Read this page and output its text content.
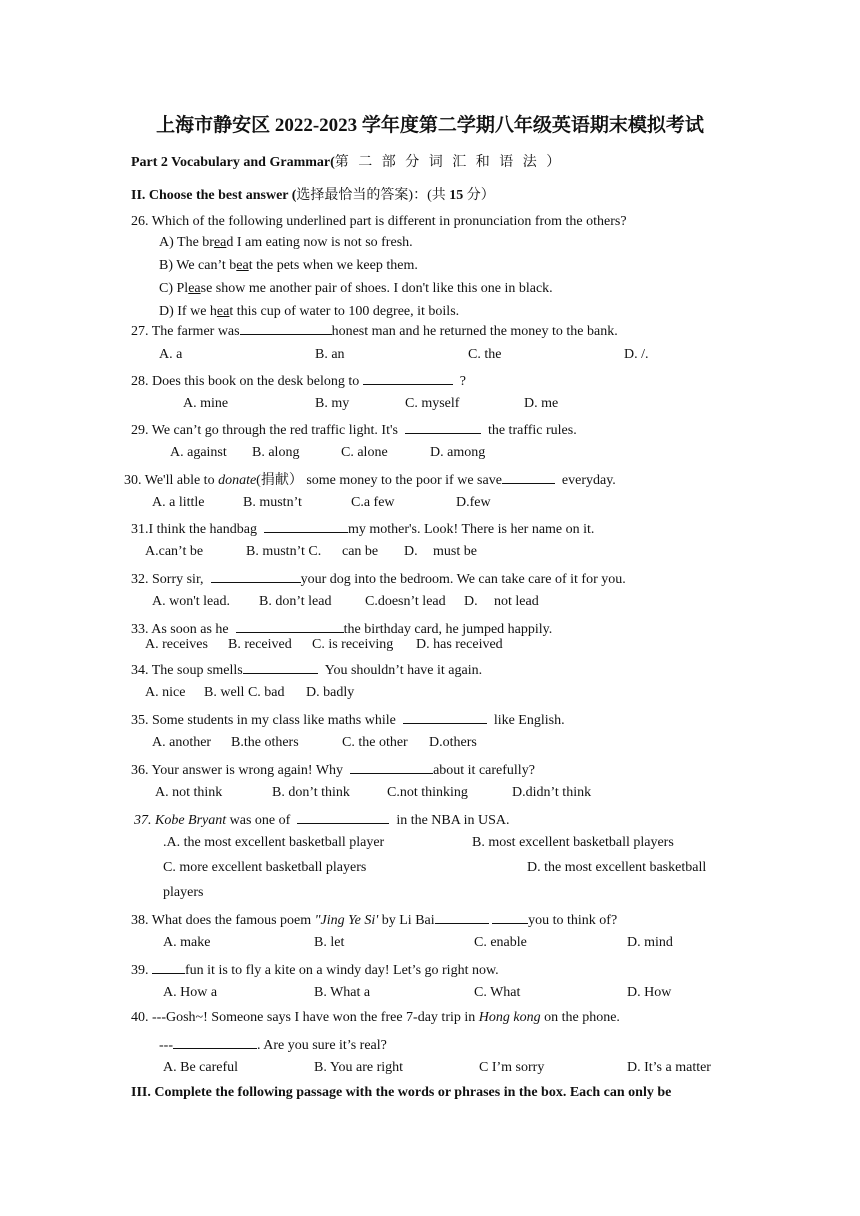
上海市静安区 2022-2023 学年度第二学期八年级英语期末模拟考试
Part 2 Vocabulary and Grammar(第 二 部 分 词 汇 和 语 法 ）
II. Choose the best answer (选择最恰当的答案)：(共 15 分）
26. Which of the following underlined part is different in pronunciation from the others?
A) The bread I am eating now is not so fresh.
B) We can’t beat the pets when we keep them.
C) Please show me another pair of shoes. I don't like this one in black.
D) If we heat this cup of water to 100 degree, it boils.
27. The farmer was	honest man and he returned the money to the bank.
A. a	B. an	C. the	D. /.
28. Does this book on the desk belong to	?
A. mine	B. my	C. myself	D. me
29. We can’t go through the red traffic light. It's	the traffic rules.
A. against B. along	C. alone	D. among
30. We'll able to donate(捐献） some money to the poor if we save	everyday.
A. a little	B. mustn’t	C.a few	D.few
31.I think the handbag	my mother's. Look! There is her name on it.
A.can’t be	B. mustn’t C. can be D. must be
32. Sorry sir,	your dog into the bedroom. We can take care of it for you.
A. won't lead. B. don’t lead C.doesn’t lead D. not lead
33. As soon as he	the birthday card, he jumped happily.
A. receives B. received C. is receiving D. has received
34. The soup smells	You shouldn’t have it again.
A. nice B. well C. bad D. badly
35. Some students in my class like maths while	like English.
A. another B.the others	C. the other D.others
36. Your answer is wrong again! Why	about it carefully?
A. not think	B. don’t think	C.not thinking	D.didn’t think
37. Kobe Bryant was one of	in the NBA in USA.
.A. the most excellent basketball player	B. most excellent basketball players
C. more excellent basketball players	D. the most excellent basketball
players
38. What does the famous poem "Jing Ye Si' by Li Bai	you to think of?
A. make	B. let	C. enable	D. mind
39.	fun it is to fly a kite on a windy day! Let’s go right now.
A. How a	B. What a	C. What	D. How
40. ---Gosh~! Someone says I have won the free 7-day trip in Hong kong on the phone.
---	. Are you sure it’s real?
A. Be careful	B. You are right	C I’m sorry	D. It’s a matter
III. Complete the following passage with the words or phrases in the box. Each can only be
